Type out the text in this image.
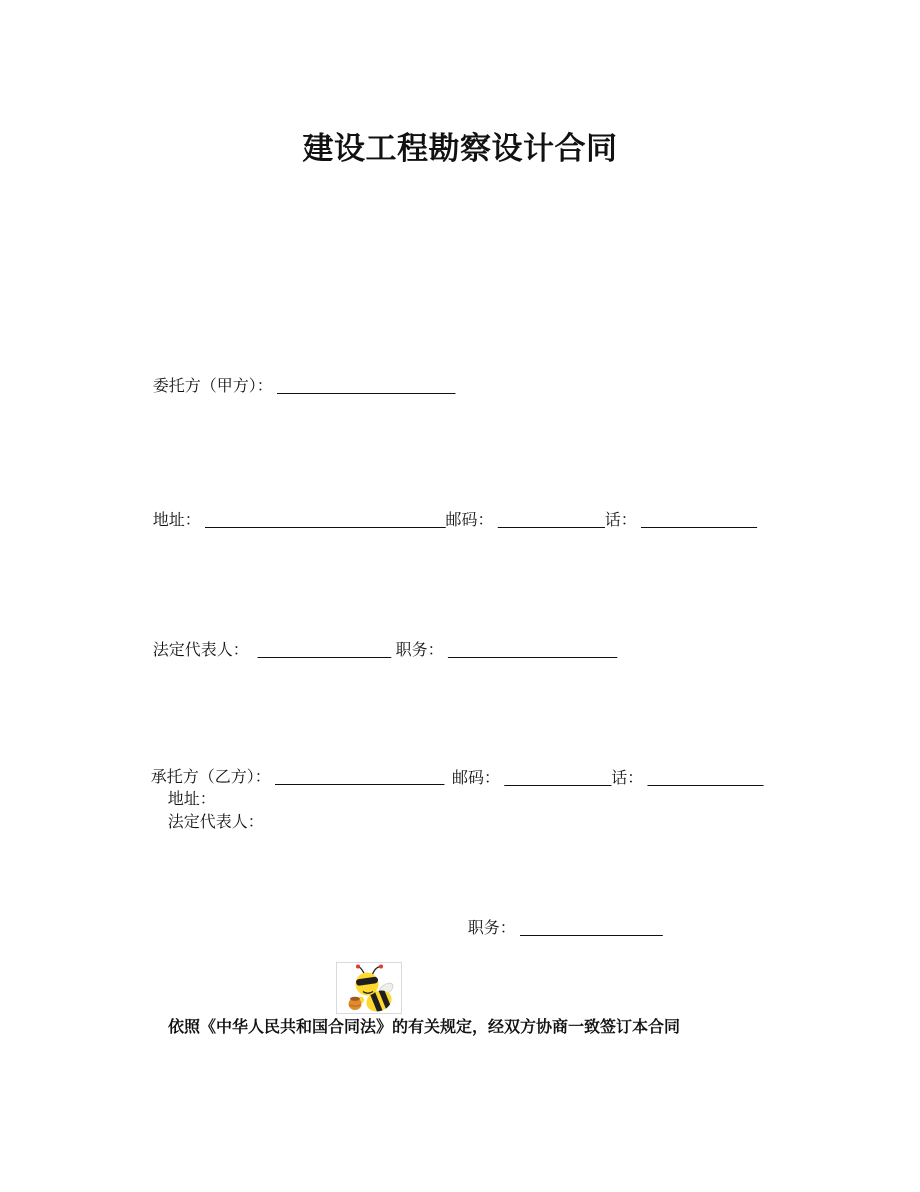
建设工程勘察设计合同

委托方（甲方）： ____________________

地址： ___________________________邮码： ____________话： _____________

法定代表人：  _______________ 职务： ___________________

承托方（乙方）： ___________________

地址：
邮码： ____________话： _____________

法定代表人：

职务： ________________

依照《中华人民共和国合同法》的有关规定，经双方协商一致签订本合同
